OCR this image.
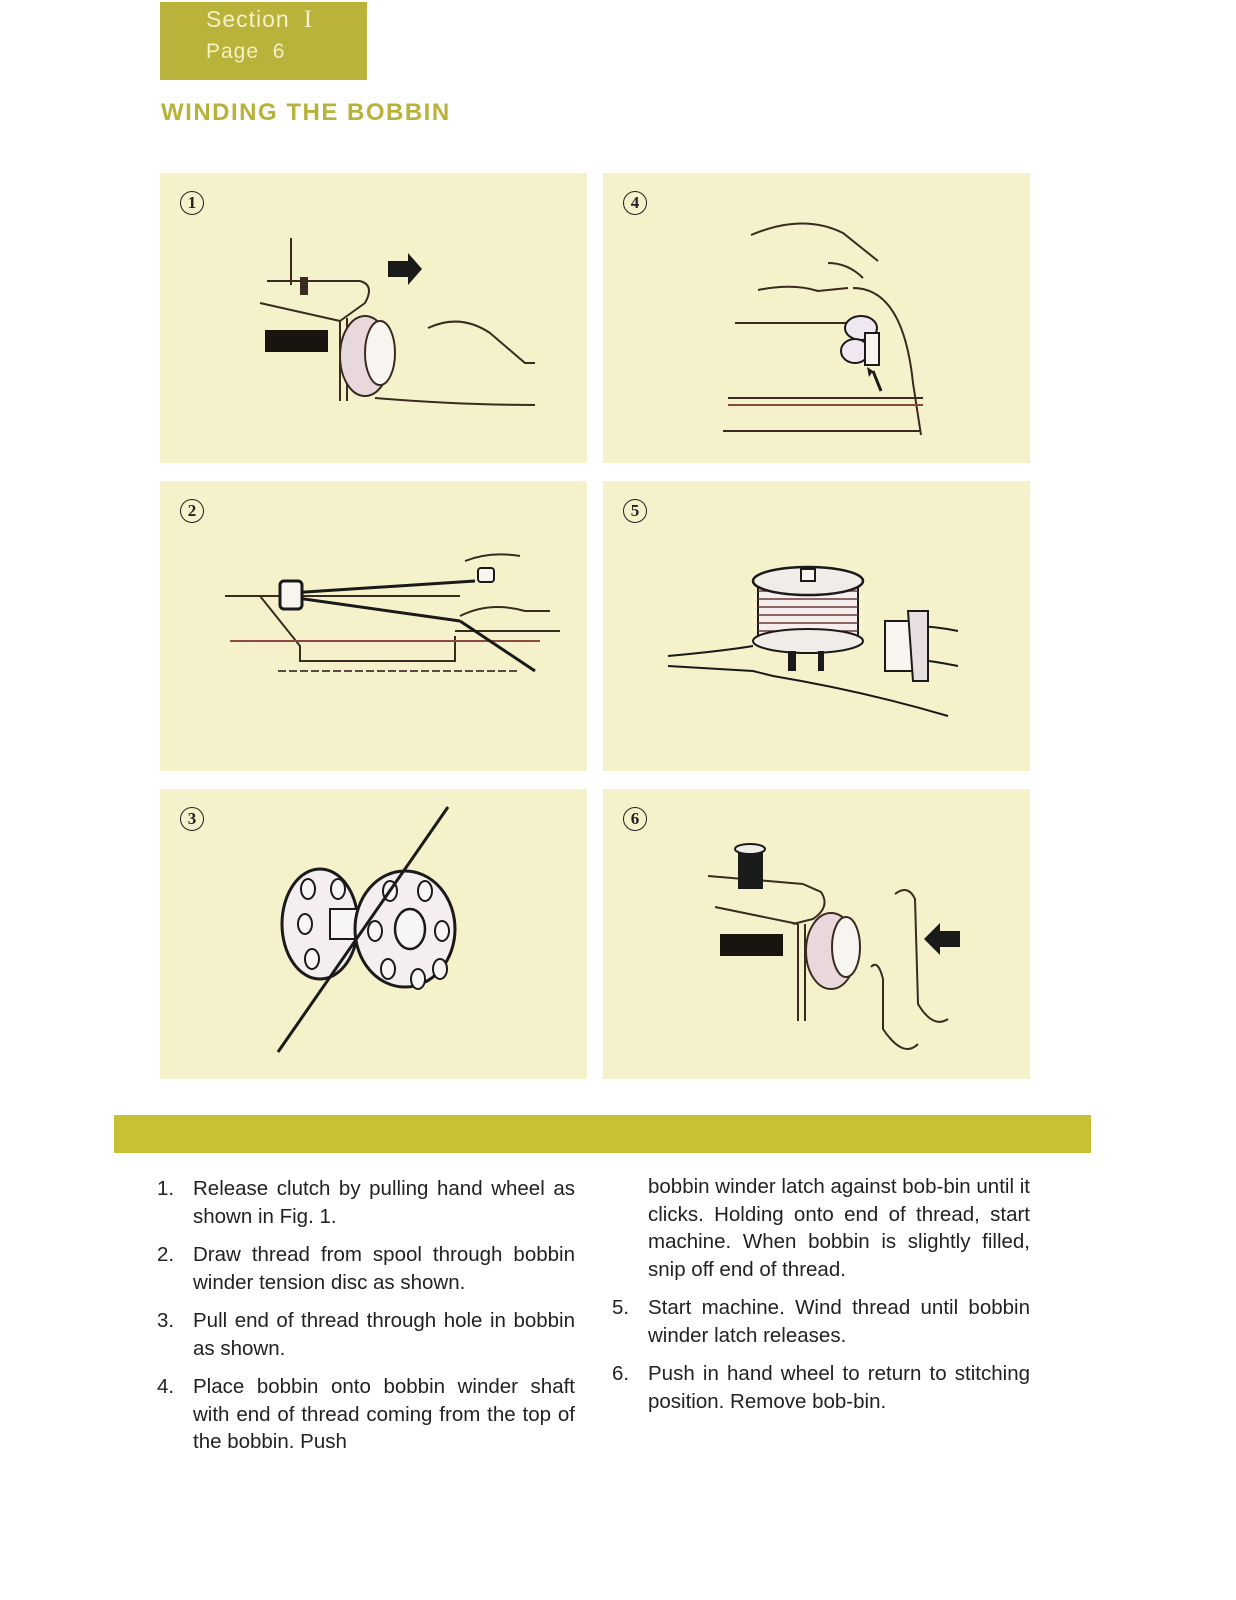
Section I
Page 6
WINDING THE BOBBIN
1	4
2	5
3	6
1. Release clutch by pulling hand wheel as shown in Fig. 1.
2. Draw thread from spool through bobbin winder tension disc as shown.
3. Pull end of thread through hole in bobbin as shown.
4. Place bobbin onto bobbin winder shaft with end of thread coming from the top of the bobbin. Push
bobbin winder latch against bob-bin until it clicks. Holding onto end of thread, start machine. When bobbin is slightly filled, snip off end of thread.
5. Start machine. Wind thread until bobbin winder latch releases.
6. Push in hand wheel to return to stitching position. Remove bob-bin.
